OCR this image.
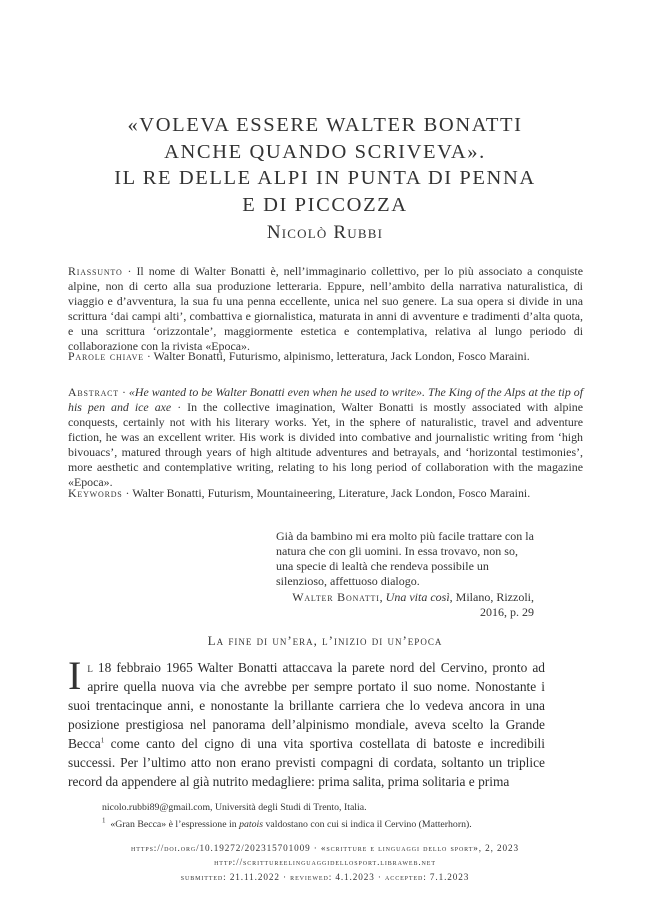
«VOLEVA ESSERE WALTER BONATTI
ANCHE QUANDO SCRIVEVA».
IL RE DELLE ALPI IN PUNTA DI PENNA
E DI PICCOZZA
Nicolò Rubbi

Riassunto · Il nome di Walter Bonatti è, nell’immaginario collettivo, per lo più associato a conquiste alpine, non di certo alla sua produzione letteraria. Eppure, nell’ambito della narrativa naturalistica, di viaggio e d’avventura, la sua fu una penna eccellente, unica nel suo genere. La sua opera si divide in una scrittura ‘dai campi alti’, combattiva e giornalistica, maturata in anni di avventure e tradimenti d’alta quota, e una scrittura ‘orizzontale’, maggiormente estetica e contemplativa, relativa al lungo periodo di collaborazione con la rivista «Epoca».

Parole chiave · Walter Bonatti, Futurismo, alpinismo, letteratura, Jack London, Fosco Maraini.

Abstract · «He wanted to be Walter Bonatti even when he used to write». The King of the Alps at the tip of his pen and ice axe · In the collective imagination, Walter Bonatti is mostly associated with alpine conquests, certainly not with his literary works. Yet, in the sphere of naturalistic, travel and adventure fiction, he was an excellent writer. His work is divided into combative and journalistic writing from ‘high bivouacs’, matured through years of high altitude adventures and betrayals, and ‘horizontal testimonies’, more aesthetic and contemplative writing, relating to his long period of collaboration with the magazine «Epoca».

Keywords · Walter Bonatti, Futurism, Mountaineering, Literature, Jack London, Fosco Maraini.

Già da bambino mi era molto più facile trattare con la natura che con gli uomini. In essa trovavo, non so, una specie di lealtà che rendeva possibile un silenzioso, affettuoso dialogo.
Walter Bonatti, Una vita così, Milano, Rizzoli, 2016, p. 29
La fine di un’era, l’inizio di un’epoca
Il 18 febbraio 1965 Walter Bonatti attaccava la parete nord del Cervino, pronto ad aprire quella nuova via che avrebbe per sempre portato il suo nome. Nonostante i suoi trentacinque anni, e nonostante la brillante carriera che lo vedeva ancora in una posizione prestigiosa nel panorama dell’alpinismo mondiale, aveva scelto la Grande Becca$^1$ come canto del cigno di una vita sportiva costellata di batoste e incredibili successi. Per l’ultimo atto non erano previsti compagni di cordata, soltanto un triplice record da appendere al già nutrito medagliere: prima salita, prima solitaria e prima
nicolo.rubbi89@gmail.com, Università degli Studi di Trento, Italia.
$^1$ «Gran Becca» è l’espressione in patois valdostano con cui si indica il Cervino (Matterhorn).
https://doi.org/10.19272/202315701009 · «scritture e linguaggi dello sport», 2, 2023
http://scrittureelinguaggidellosport.libraweb.net
submitted: 21.11.2022 · reviewed: 4.1.2023 · accepted: 7.1.2023
